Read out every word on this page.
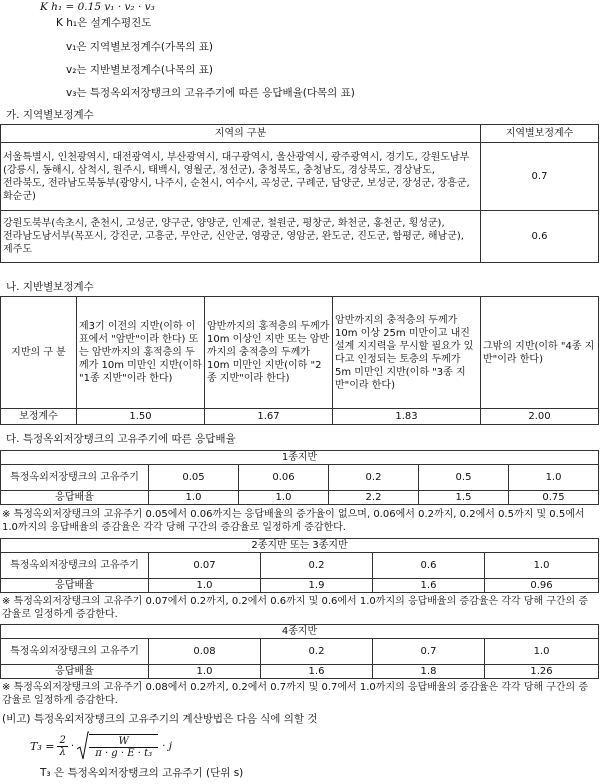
K h₁ = 0.15 v₁ · v₂ · v₃
K h₁은 설계수평진도
v₁은 지역별보정계수(가목의 표)
v₂는 지반별보정계수(나목의 표)
v₃는 특정옥외저장탱크의 고유주기에 따른 응답배율(다목의 표)
가. 지역별보정계수
지역의 구분	지역별보정계수
서울특별시, 인천광역시, 대전광역시, 부산광역시, 대구광역시, 울산광역시, 광주광역시, 경기도, 강원도남부(강릉시, 동해시, 삼척시, 원주시, 태백시, 영월군, 정선군), 충청북도, 충청남도, 경상북도, 경상남도, 전라북도, 전라남도북동부(광양시, 나주시, 순천시, 여수시, 곡성군, 구례군, 담양군, 보성군, 장성군, 장흥군, 화순군)	0.7
강원도북부(속초시, 춘천시, 고성군, 양구군, 양양군, 인제군, 철원군, 평창군, 화천군, 홍천군, 횡성군), 전라남도남서부(목포시, 강진군, 고흥군, 무안군, 신안군, 영광군, 영암군, 완도군, 진도군, 함평군, 해남군), 제주도	0.6
나. 지반별보정계수
지반의 구 분	제3기 이전의 지반(이하 이 표에서 "암반"이라 한다) 또는 암반까지의 홍적층의 두께가 10m 미만인 지반(이하 "1종 지반"이라 한다)	암반까지의 홍적층의 두께가 10m 이상인 지반 또는 암반까지의 충적층의 두께가 10m 미만인 지반(이하 "2종 지반"이라 한다)	암반까지의 충적층의 두께가 10m 이상 25m 미만이고 내진설계 지지력을 무시할 필요가 있다고 인정되는 토층의 두께가 5m 미만인 지반(이하 "3종 지반"이라 한다)	그밖의 지반(이하 "4종 지반"이라 한다)
보정계수	1.50	1.67	1.83	2.00
다. 특정옥외저장탱크의 고유주기에 따른 응답배율
1종지반					
특정옥외저장탱크의 고유주기	0.05	0.06	0.2	0.5	1.0
응답배율	1.0	1.0	2.2	1.5	0.75
※ 특정옥외저장탱크의 고유주기 0.05에서 0.06까지는 응답배율의 증가율이 없으며, 0.06에서 0.2까지, 0.2에서 0.5까지 및 0.5에서 1.0까지의 응답배율의 증감율은 각각 당해 구간의 증감율로 일정하게 증감한다.
2종지반 또는 3종지반				
특정옥외저장탱크의 고유주기	0.07	0.2	0.6	1.0
응답배율	1.0	1.9	1.6	0.96
※ 특정옥외저장탱크의 고유주기 0.07에서 0.2까지, 0.2에서 0.6까지 및 0.6에서 1.0까지의 응답배율의 증감율은 각각 당해 구간의 증감율로 일정하게 증감한다.
4종지반				
특정옥외저장탱크의 고유주기	0.08	0.2	0.7	1.0
응답배율	1.0	1.6	1.8	1.26
※ 특정옥외저장탱크의 고유주기 0.08에서 0.2까지, 0.2에서 0.7까지 및 0.7에서 1.0까지의 응답배율의 증감율은 각각 당해 구간의 증감율로 일정하게 증감한다.
(비고) 특정옥외저장탱크의 고유주기의 계산방법은 다음 식에 의할 것
$T_3 = \frac{2}{\lambda} \cdot \frac{W}{\text{π · g · E · t₃}} \cdot j$
T₃ 은 특정옥외저장탱크의 고유주기 (단위 s)
